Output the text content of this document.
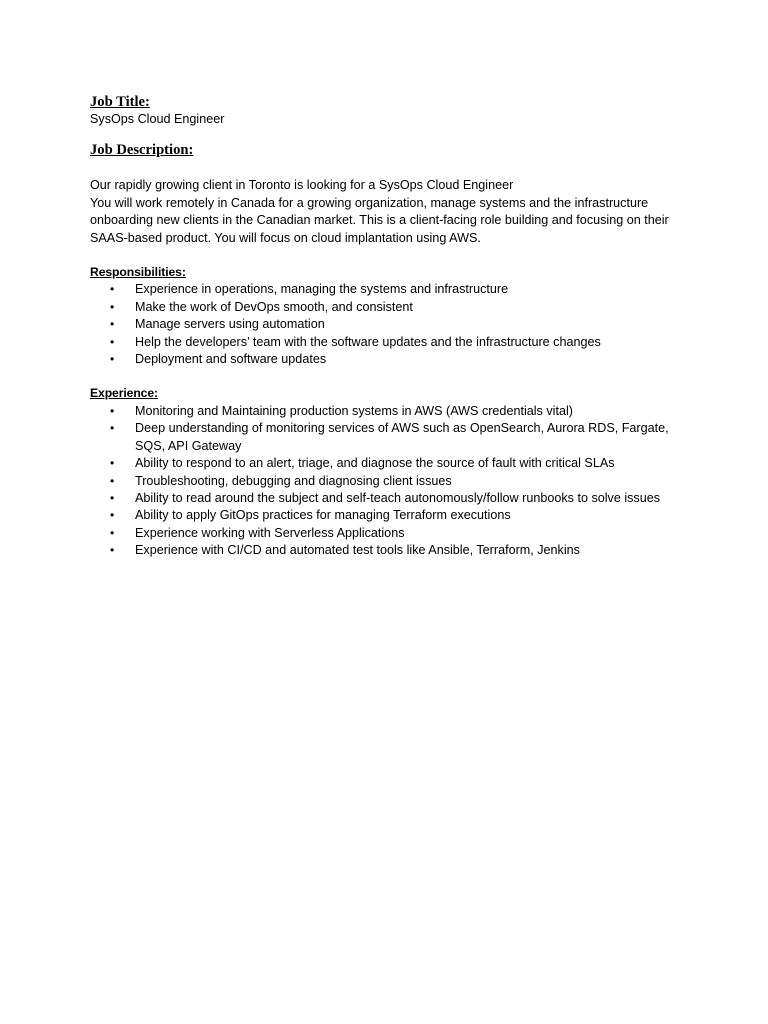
Job Title:

SysOps Cloud Engineer

Job Description:

Our rapidly growing client in Toronto is looking for a SysOps Cloud Engineer

You will work remotely in Canada for a growing organization, manage systems and the infrastructure onboarding new clients in the Canadian market. This is a client-facing role building and focusing on their SAAS-based product. You will focus on cloud implantation using AWS.

Responsibilities:

• Experience in operations, managing the systems and infrastructure
• Make the work of DevOps smooth, and consistent
• Manage servers using automation
• Help the developers’ team with the software updates and the infrastructure changes
• Deployment and software updates

Experience:

• Monitoring and Maintaining production systems in AWS (AWS credentials vital)
• Deep understanding of monitoring services of AWS such as OpenSearch, Aurora RDS, Fargate, SQS, API Gateway
• Ability to respond to an alert, triage, and diagnose the source of fault with critical SLAs
• Troubleshooting, debugging and diagnosing client issues
• Ability to read around the subject and self-teach autonomously/follow runbooks to solve issues
• Ability to apply GitOps practices for managing Terraform executions
• Experience working with Serverless Applications
• Experience with CI/CD and automated test tools like Ansible, Terraform, Jenkins
